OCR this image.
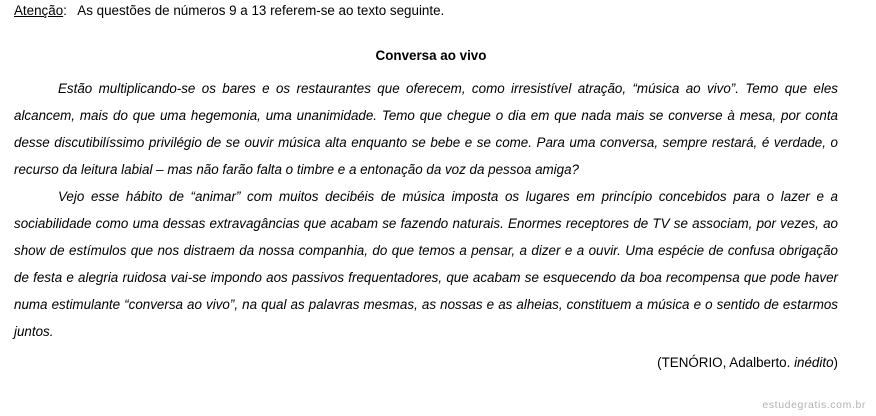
Atenção: As questões de números 9 a 13 referem-se ao texto seguinte.
Conversa ao vivo

Estão multiplicando-se os bares e os restaurantes que oferecem, como irresistível atração, “música ao vivo”. Temo que eles alcancem, mais do que uma hegemonia, uma unanimidade. Temo que chegue o dia em que nada mais se converse à mesa, por conta desse discutibilíssimo privilégio de se ouvir música alta enquanto se bebe e se come. Para uma conversa, sempre restará, é verdade, o recurso da leitura labial – mas não farão falta o timbre e a entonação da voz da pessoa amiga?

Vejo esse hábito de “animar” com muitos decibéis de música imposta os lugares em princípio concebidos para o lazer e a sociabilidade como uma dessas extravagâncias que acabam se fazendo naturais. Enormes receptores de TV se associam, por vezes, ao show de estímulos que nos distraem da nossa companhia, do que temos a pensar, a dizer e a ouvir. Uma espécie de confusa obrigação de festa e alegria ruidosa vai-se impondo aos passivos frequentadores, que acabam se esquecendo da boa recompensa que pode haver numa estimulante “conversa ao vivo”, na qual as palavras mesmas, as nossas e as alheias, constituem a música e o sentido de estarmos juntos.

(TENÓRIO, Adalberto. inédito)
estudegratis.com.br
